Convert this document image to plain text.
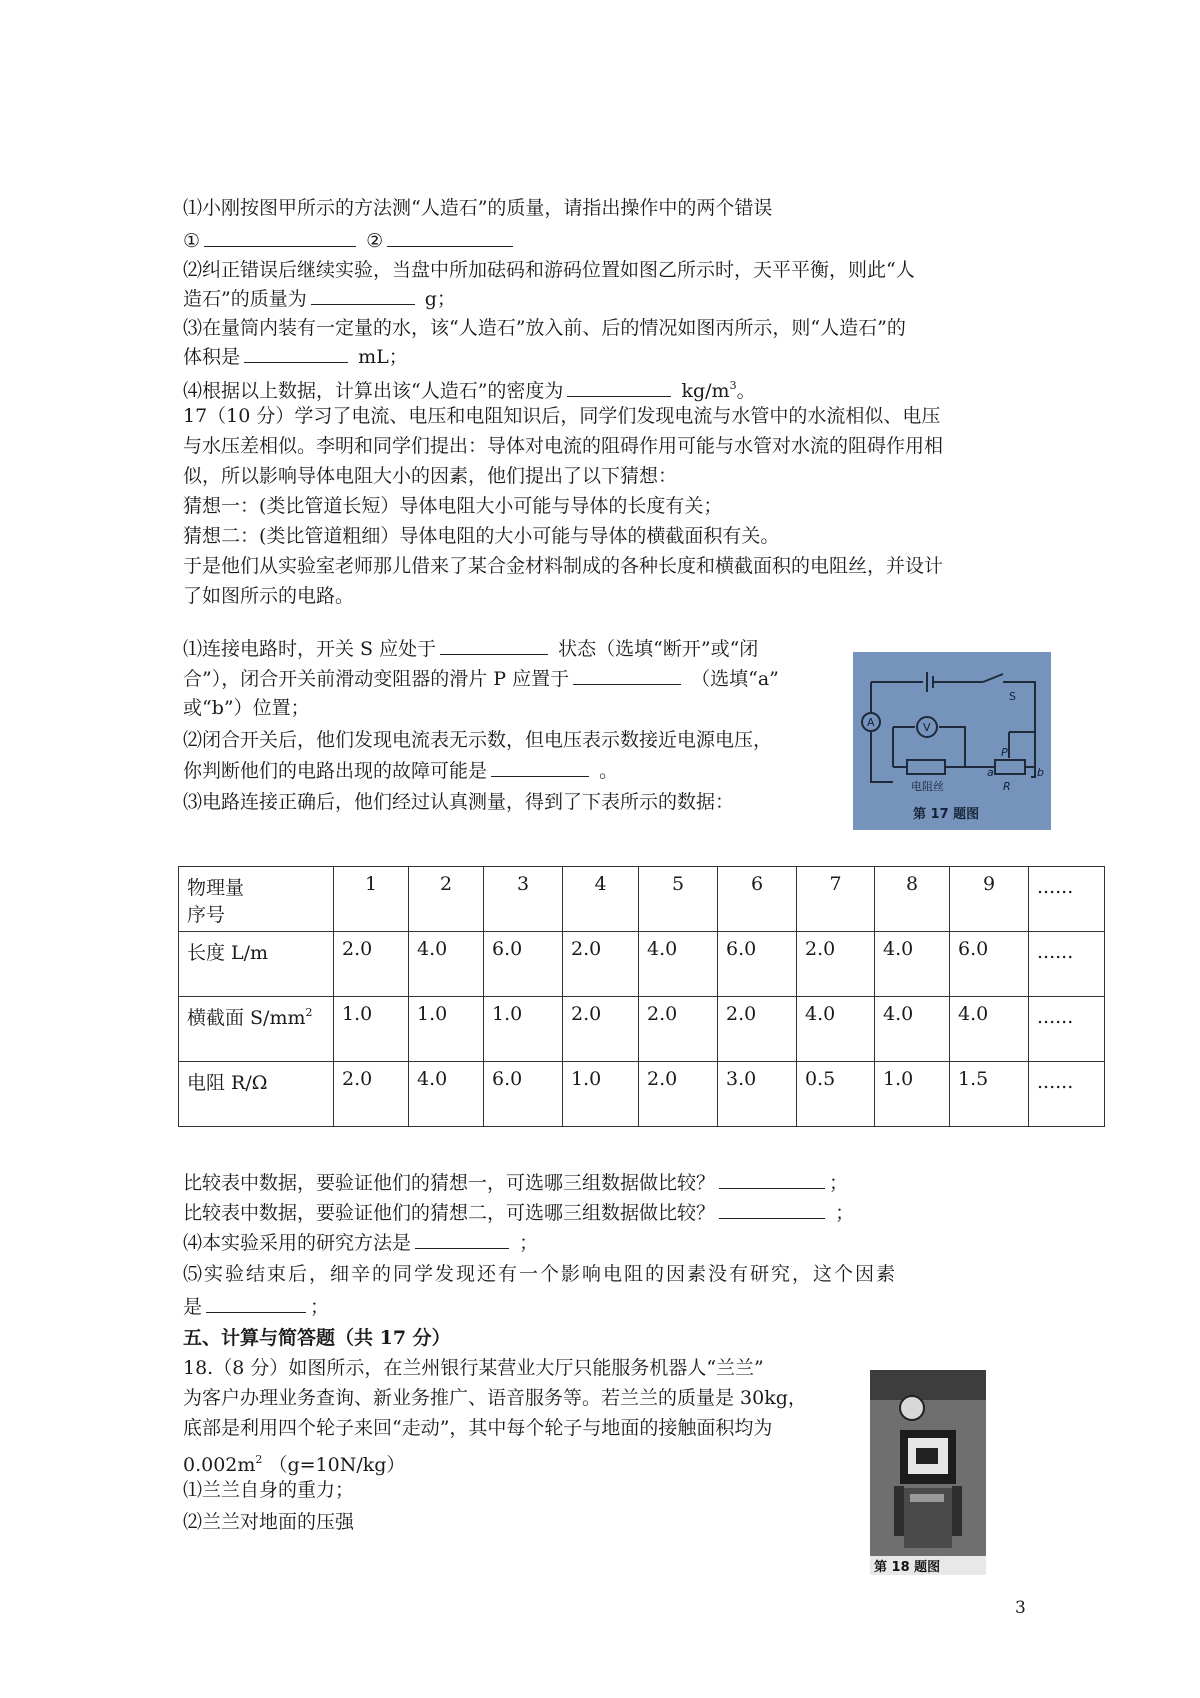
⑴小刚按图甲所示的方法测“人造石”的质量，请指出操作中的两个错误
①	②
⑵纠正错误后继续实验，当盘中所加砝码和游码位置如图乙所示时，天平平衡，则此“人
造石”的质量为	g；
⑶在量筒内装有一定量的水，该“人造石”放入前、后的情况如图丙所示，则“人造石”的
体积是	mL；
⑷根据以上数据，计算出该“人造石”的密度为	$kg/m^3$。
17（10 分）学习了电流、电压和电阻知识后，同学们发现电流与水管中的水流相似、电压
与水压差相似。李明和同学们提出：导体对电流的阻碍作用可能与水管对水流的阻碍作用相
似，所以影响导体电阻大小的因素，他们提出了以下猜想：
猜想一：(类比管道长短）导体电阻大小可能与导体的长度有关；
猜想二：(类比管道粗细）导体电阻的大小可能与导体的横截面积有关。
于是他们从实验室老师那儿借来了某合金材料制成的各种长度和横截面积的电阻丝，并设计
了如图所示的电路。
⑴连接电路时，开关 S 应处于	状态（选填“断开”或“闭
合”），闭合开关前滑动变阻器的滑片 P 应置于	（选填“a”
或“b”）位置；
⑵闭合开关后，他们发现电流表无示数，但电压表示数接近电源电压，
你判断他们的电路出现的故障可能是	。
⑶电路连接正确后，他们经过认真测量，得到了下表所示的数据：
A	V
S
电阻丝
P
R
a	b
第 17 题图
物理量
序号	1	2	3	4	5	6	7	8	9	......
长度 L/m	2.0	4.0	6.0	2.0	4.0	6.0	2.0	4.0	6.0	......
横截面 $S/mm^2$	1.0	1.0	1.0	2.0	2.0	2.0	4.0	4.0	4.0	......
电阻 R/Ω	2.0	4.0	6.0	1.0	2.0	3.0	0.5	1.0	1.5	......
比较表中数据，要验证他们的猜想一，可选哪三组数据做比较？	；
比较表中数据，要验证他们的猜想二，可选哪三组数据做比较？	；
⑷本实验采用的研究方法是	；
⑸实验结束后，细辛的同学发现还有一个影响电阻的因素没有研究，这个因素
是	；
五、计算与简答题（共 17 分）
18.（8 分）如图所示，在兰州银行某营业大厅只能服务机器人“兰兰”
为客户办理业务查询、新业务推广、语音服务等。若兰兰的质量是 30kg，
底部是利用四个轮子来回“走动”，其中每个轮子与地面的接触面积均为
$0.002m^2$ （g=10N/kg）
⑴兰兰自身的重力；
⑵兰兰对地面的压强
第 18 题图
3
